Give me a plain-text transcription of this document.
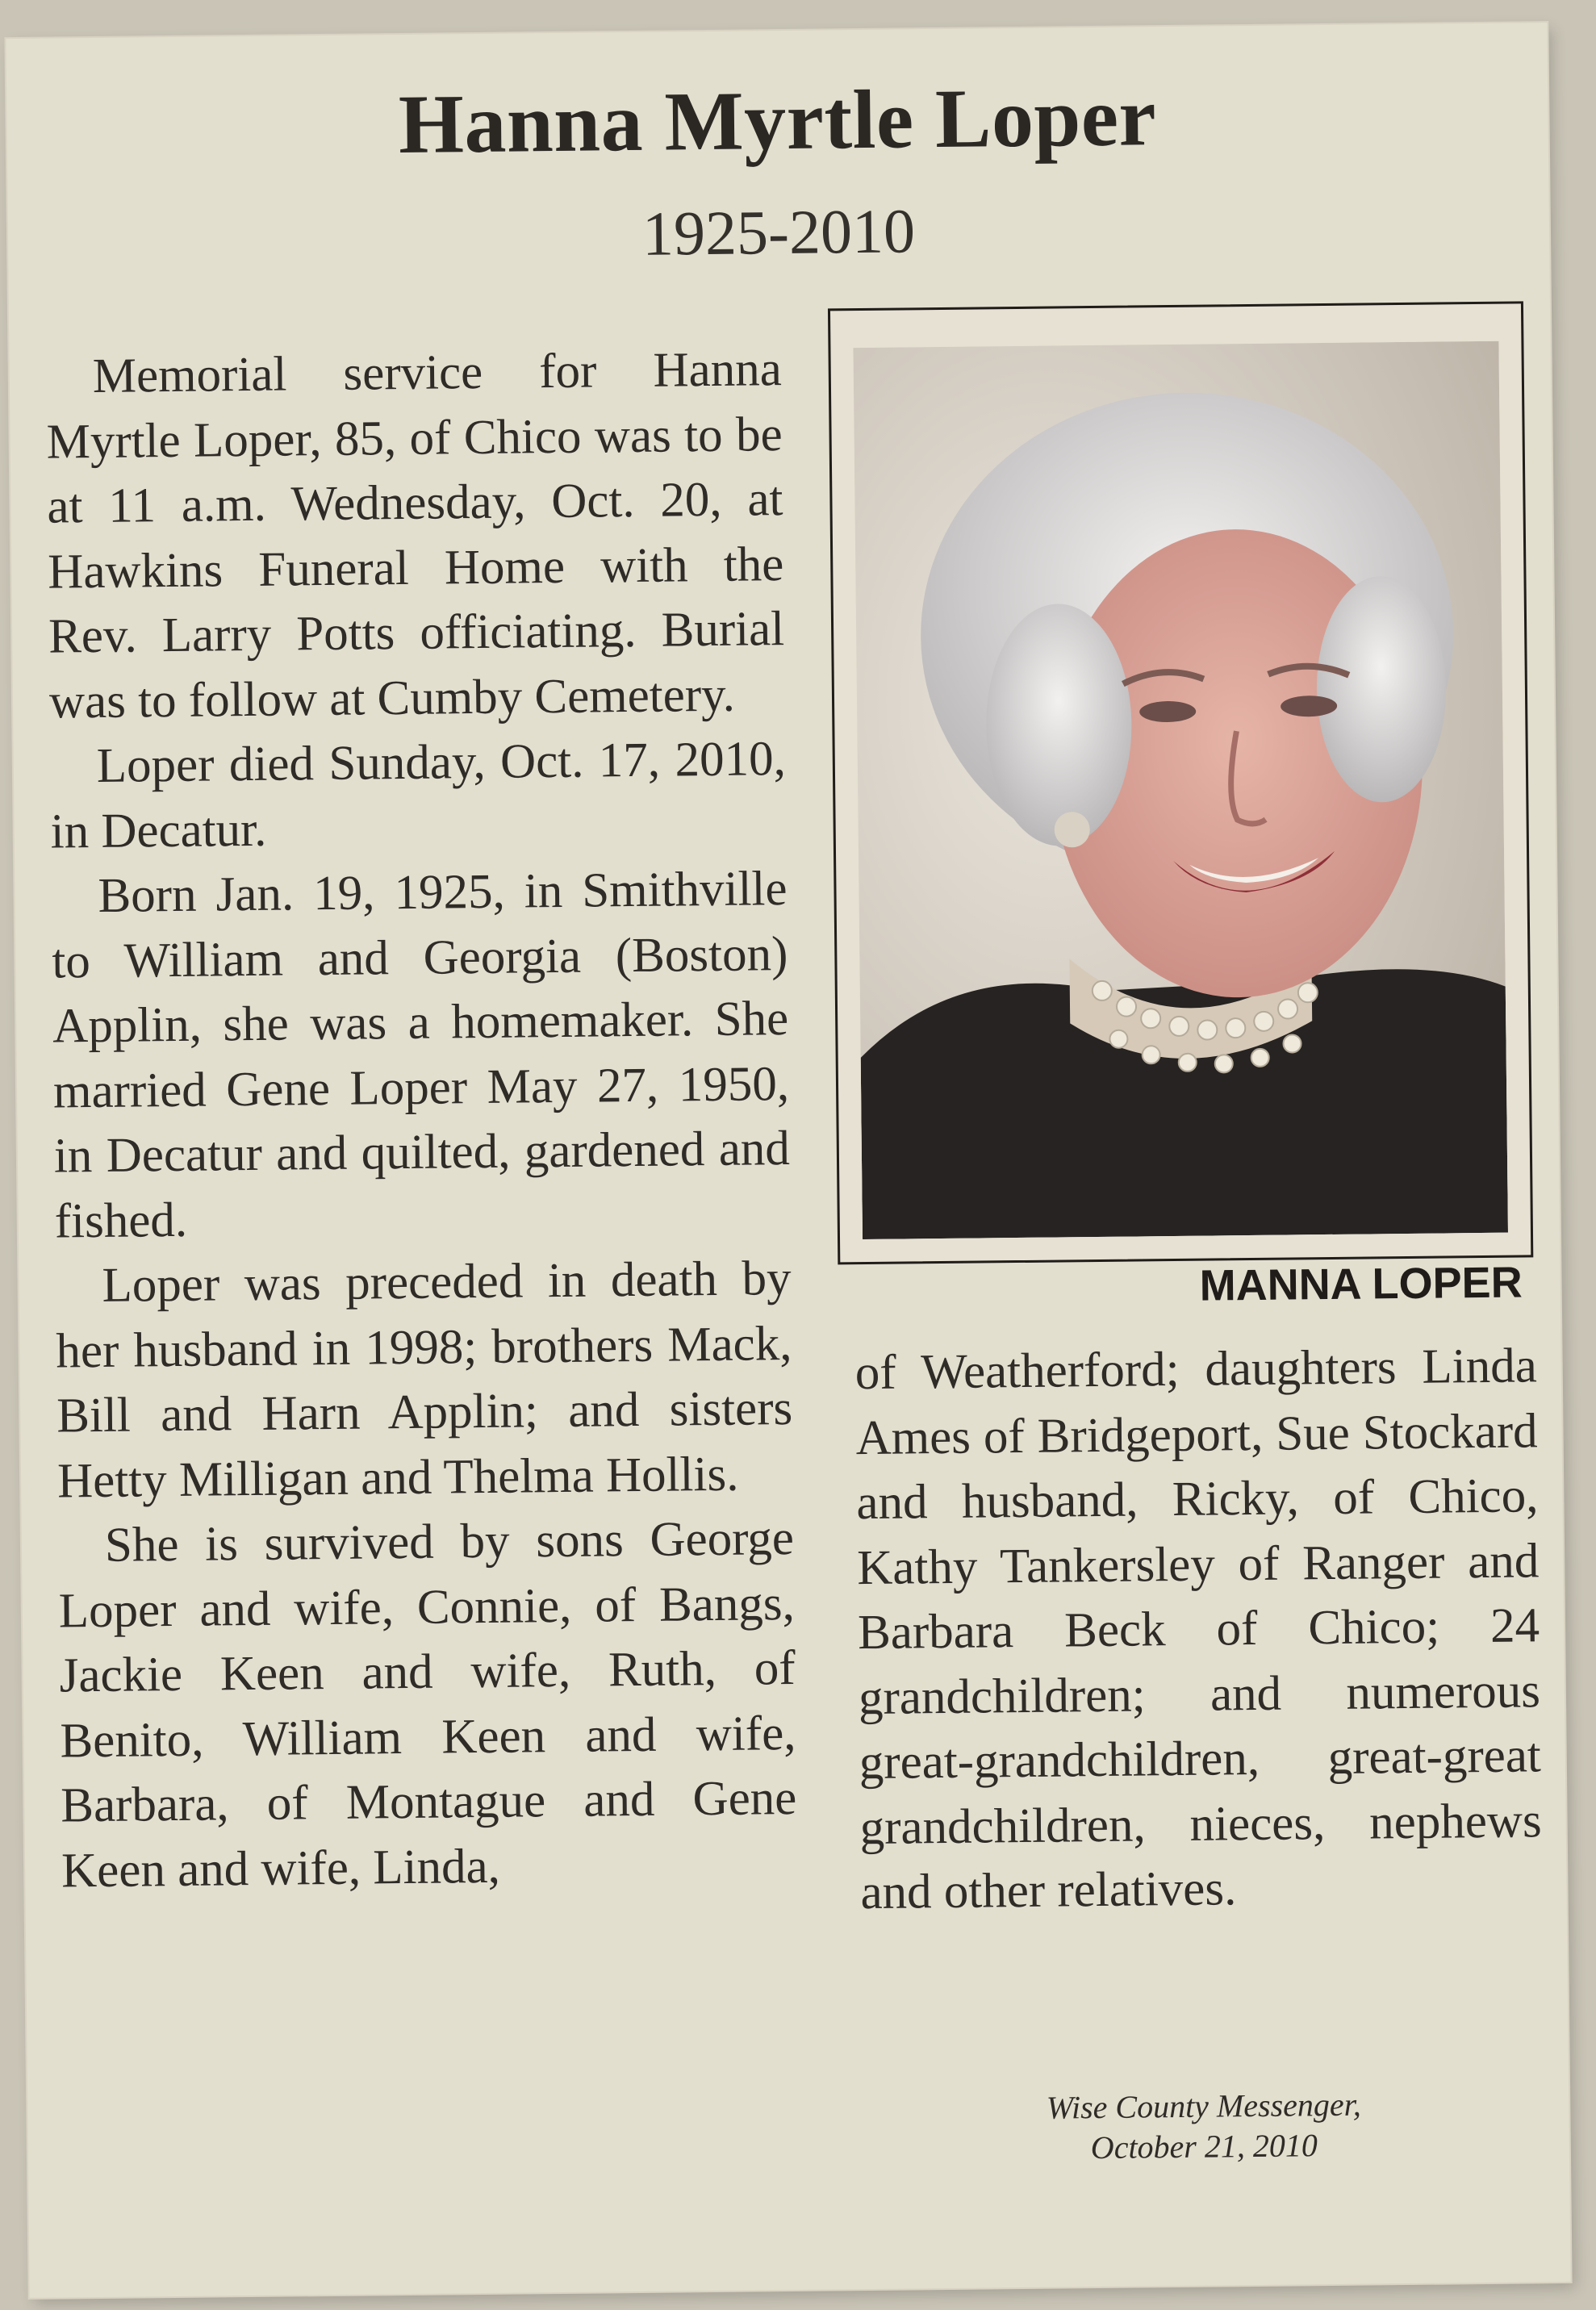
Hanna Myrtle Loper
1925-2010

Memorial service for Hanna Myrtle Loper, 85, of Chico was to be at 11 a.m. Wednesday, Oct. 20, at Hawkins Funeral Home with the Rev. Larry Potts officiating. Burial was to follow at Cumby Cemetery.

Loper died Sunday, Oct. 17, 2010, in Decatur.

Born Jan. 19, 1925, in Smithville to William and Georgia (Boston) Applin, she was a homemaker. She married Gene Loper May 27, 1950, in Decatur and quilted, gardened and fished.

Loper was preceded in death by her husband in 1998; brothers Mack, Bill and Harn Applin; and sisters Hetty Milligan and Thelma Hollis.

She is survived by sons George Loper and wife, Connie, of Bangs, Jackie Keen and wife, Ruth, of Benito, William Keen and wife, Barbara, of Montague and Gene Keen and wife, Linda,

MANNA LOPER

of Weatherford; daughters Linda Ames of Bridgeport, Sue Stockard and husband, Ricky, of Chico, Kathy Tankersley of Ranger and Barbara Beck of Chico; 24 grandchildren; and numerous great-grandchildren, great-great grandchildren, nieces, nephews and other relatives.

Wise County Messenger,
October 21, 2010
